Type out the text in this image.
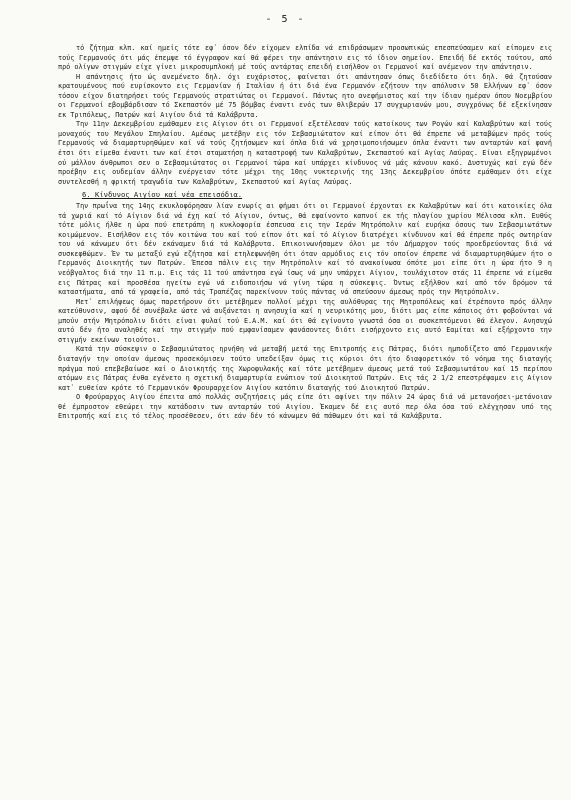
- 5 -

τό ζήτημα κλπ. καί ημείς τότε εφ᾽ όσον δέν είχομεν ελπίδα νά επιδράσωμεν προσωπικώς επεσπεύσαμεν καί είπομεν εις τούς Γερμανούς ότι μάς έπεμψε τό έγγραφον καί θά φέρει την απάντησιν εις τό ίδιον σημείον. Επειδή δέ εκτός τούτου, από πρό ολίγων στιγμών είχε γίνει μικροσυμπλοκή μέ τούς αντάρτας επειδή εισήλθον οι Γερμανοί καί ανέμενον την απάντησιν.

Η απάντησις ήτο ώς ανεμένετο δηλ. όχι ευχάριστος, φαίνεται ότι απάντησαν όπως διεδίδετο ότι δηλ. θά ζητούσαν κρατουμένους πού ευρίσκοντο εις Γερμανίαν ή Ιταλίαν ή ότι διά ένα Γερμανόν εζήτουν την απόλυσιν 50 Ελλήνων εφ᾽ όσον τόσον είχον διατηρήσει τούς Γερμανούς στρατιώτας οι Γερμανοί. Πάντως ητο ανεφήμιστος καί την ίδιαν ημέραν όπου Νοεμβρίου οι Γερμανοί εβομβάρδισαν τό Σκεπαστόν μέ 75 βόμβας έναντι ενός των θλιβερών 17 συγχωριανών μου, συγχρόνως δέ εξεκίνησαν εκ Τριπόλεως, Πατρών καί Αιγίου διά τά Καλάβρυτα.

Την 11ην Δεκεμβρίου εμάθαμεν εις Αίγιον ότι οι Γερμανοί εξετέλεσαν τούς κατοίκους των Ρογών καί Καλαβρύτων καί τούς μοναχούς του Μεγάλου Σπηλαίου. Αμέσως μετέβην εις τόν Σεβασμιώτατον καί είπον ότι θά έπρεπε νά μεταβώμεν πρός τούς Γερμανούς νά διαμαρτυρηθώμεν καί νά τούς ζητήσωμεν καί όπλα διά νά χρησιμοποιήσωμεν όπλα έναντι των ανταρτών καί φανή έτσι ότι είμεθα έναντι των καί έτσι σταματήση η καταστροφή των Καλαβρύτων, Σκεπαστού καί Αγίας Λαύρας. Είναι εξηγρωμένοι ού μάλλον άνθρωποι σεν ο Σεβασμιώτατος οι Γερμανοί τώρα καί υπάρχει κίνδυνος νά μάς κάνουν κακό. Δυστυχώς καί εγώ δέν προέβην εις ουδεμίαν άλλην ενέργειαν τότε μέχρι της 10ης νυκτερινής της 13ης Δεκεμβρίου όπότε εμάθαμεν ότι είχε συντελεσθή η φρικτή τραγωδία των Καλαβρύτων, Σκεπαστού καί Αγίας Λαύρας.

6. Κίνδυνος Αιγίου καί νέα επεισόδια.

Την πρωΐνα της 14ης εκυκλοφόρησαν λίαν ενωρίς αι φήμαι ότι οι Γερμανοί έρχονται εκ Καλαβρύτων καί ότι κατοικίες όλα τά χωριά καί τό Αίγιον διά νά έχη καί τό Αίγιον, όντως, θά εφαίνοντο καπνοί εκ τής πλαγίου χωρίου Μέλισσα κλπ. Ευθύς τότε μόλις ήλθε η ώρα πού επετράπη η κυκλοφορία έσπευσα εις την Ιεράν Μητρόπολιν καί ευρήκα όσους των Σεβασμιωτάτων κοιμώμενον. Εισήλθον εις τόν κοιτώνα του καί τού είπον ότι καί τό Αίγιον διατρέχει κίνδυνον καί θά έπρεπε πρός σωτηρίαν του νά κάνωμεν ότι δέν εκάναμεν διά τά Καλάβρυτα. Επικοινωνήσαμεν όλοι με τόν Δήμαρχον τούς προεδρεύοντας διά νά συσκεφθώμεν. Έν τω μεταξύ εγώ εζήτησα καί ετηλεφωνήθη ότι όταν αρμόδιος εις τόν οποίον έπρεπε νά διαμαρτυρηθώμεν ήτο ο Γερμανός Διοικητής των Πατρών. Έπεσα πάλιν εις την Μητρόπολιν καί τό ανακοίνωσα όπότε μοι είπε ότι η ώρα ήτο 9 η νεόβγαλτος διά την 11 π.μ. Εις τάς 11 τού απάντησα εγώ ίσως νά μην υπάρχει Αίγιον, τουλάχιστον στάς 11 έπρεπε νά είμεθα εις Πάτρας καί προσθέσα ηγείτω εγώ νά ειδοποιήσω νά γίνη τώρα η σύσκεψις. Όντως εξήλθον καί από τόν δρόμον τά καταστήματα, από τά γραφεία, από τάς Τραπέζας παρεκίνουν τούς πάντας νά σπεύσουν άμεσως πρός την Μητρόπολιν.

Μετ᾽ επιλήψεως όμως παρετήρουν ότι μετέβημεν πολλοί μέχρι της αυλόθυρας της Μητροπόλεως καί έτρέποντο πρός άλλην κατεύθυνσιν, αφού δέ συνέβαλε ώστε νά αυξάνεται η ανησυχία καί η νευρικότης μου, διότι μας είπε κάποιος ότι φοβούνται νά μπούν στήν Μητρόπολιν διότι είναι φυλαί τού Ε.Α.Μ. καί ότι θά εγίνοντο γνωστά όσα οι συσκεπτόμενοι θά έλεγον. Ανησυχώ αυτό δέν ήτο αναληθές καί την στιγμήν πού εμφανίσαμεν φανάσοντες διότι εισήρχοντο εις αυτό Εαμίται καί εξήρχοντο την στιγμήν εκείνων τοιούτοι.

Κατά την σύσκεψιν ο Σεβασμιώτατος ηρνήθη νά μεταβή μετά της Επιτροπής εις Πάτρας, διότι ημποδίζετο από Γερμανικήν διαταγήν την οποίαν άμεσως προσεκόμισεν τούτο υπεδείξαν όμως τις κύριοι ότι ήτο διαφορετικόν τό νόημα της διαταγής πράγμα πού επεβεβαίωσε καί ο Διοικητής της Χωροφυλακής καί τότε μετέβημεν άμεσως μετά τού Σεβασμιωτάτου καί 15 περίπου ατόμων εις Πάτρας ένθα εγένετο η σχετική διαμαρτυρία ενώπιον τού Διοικητού Πατρών. Εις τάς 2 1/2 επεστρέψαμεν εις Αίγιον κατ᾽ ευθείαν κρότε τό Γερμανικόν Φρουραρχείον Αιγίου κατόπιν διαταγής τού Διοικητού Πατρών.

Ο Φρούραρχος Αιγίου έπειτα από πολλάς συζητήσεις μάς είπε ότι αφίνει την πόλιν 24 ώρας διά νά μετανοήσει-μετάνοιαν θέ έμπροστον εθεώρει την κατάδοσιν των ανταρτών τού Αιγίου. Έκαμεν δέ εις αυτό περ όλα όσα τού ελέγχησαν υπό της Επιτροπής καί εις τό τέλος προσέθεσεν, ότι εάν δέν τό κάνωμεν θά πάθωμεν ότι καί τά Καλάβρυτα.
